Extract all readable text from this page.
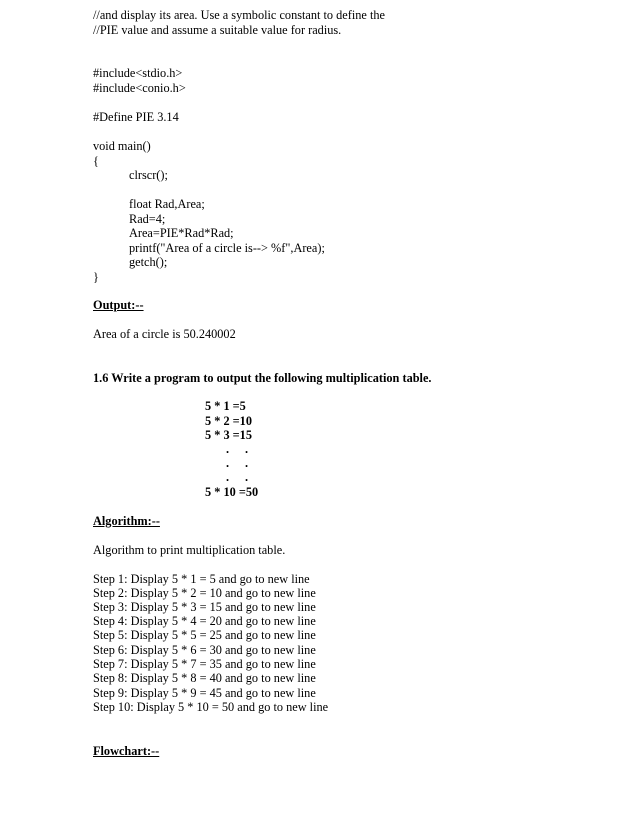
//and display its area. Use a symbolic constant to define the
//PIE value and assume a suitable value for radius.
#include<stdio.h>
#include<conio.h>
#Define PIE 3.14
void main()
{
clrscr();
float Rad,Area;
Rad=4;
Area=PIE*Rad*Rad;
printf("Area of a circle is--> %f",Area);
getch();
}
Output:--
Area of a circle is 50.240002
1.6 Write a program to output the following multiplication table.
5 * 1 =5
5 * 2 =10
5 * 3 =15
. .
. .
. .
5 * 10 =50
Algorithm:--
Algorithm to print multiplication table.
Step 1: Display 5 * 1 = 5 and go to new line
Step 2: Display 5 * 2 = 10 and go to new line
Step 3: Display 5 * 3 = 15 and go to new line
Step 4: Display 5 * 4 = 20 and go to new line
Step 5: Display 5 * 5 = 25 and go to new line
Step 6: Display 5 * 6 = 30 and go to new line
Step 7: Display 5 * 7 = 35 and go to new line
Step 8: Display 5 * 8 = 40 and go to new line
Step 9: Display 5 * 9 = 45 and go to new line
Step 10: Display 5 * 10 = 50 and go to new line
Flowchart:--
